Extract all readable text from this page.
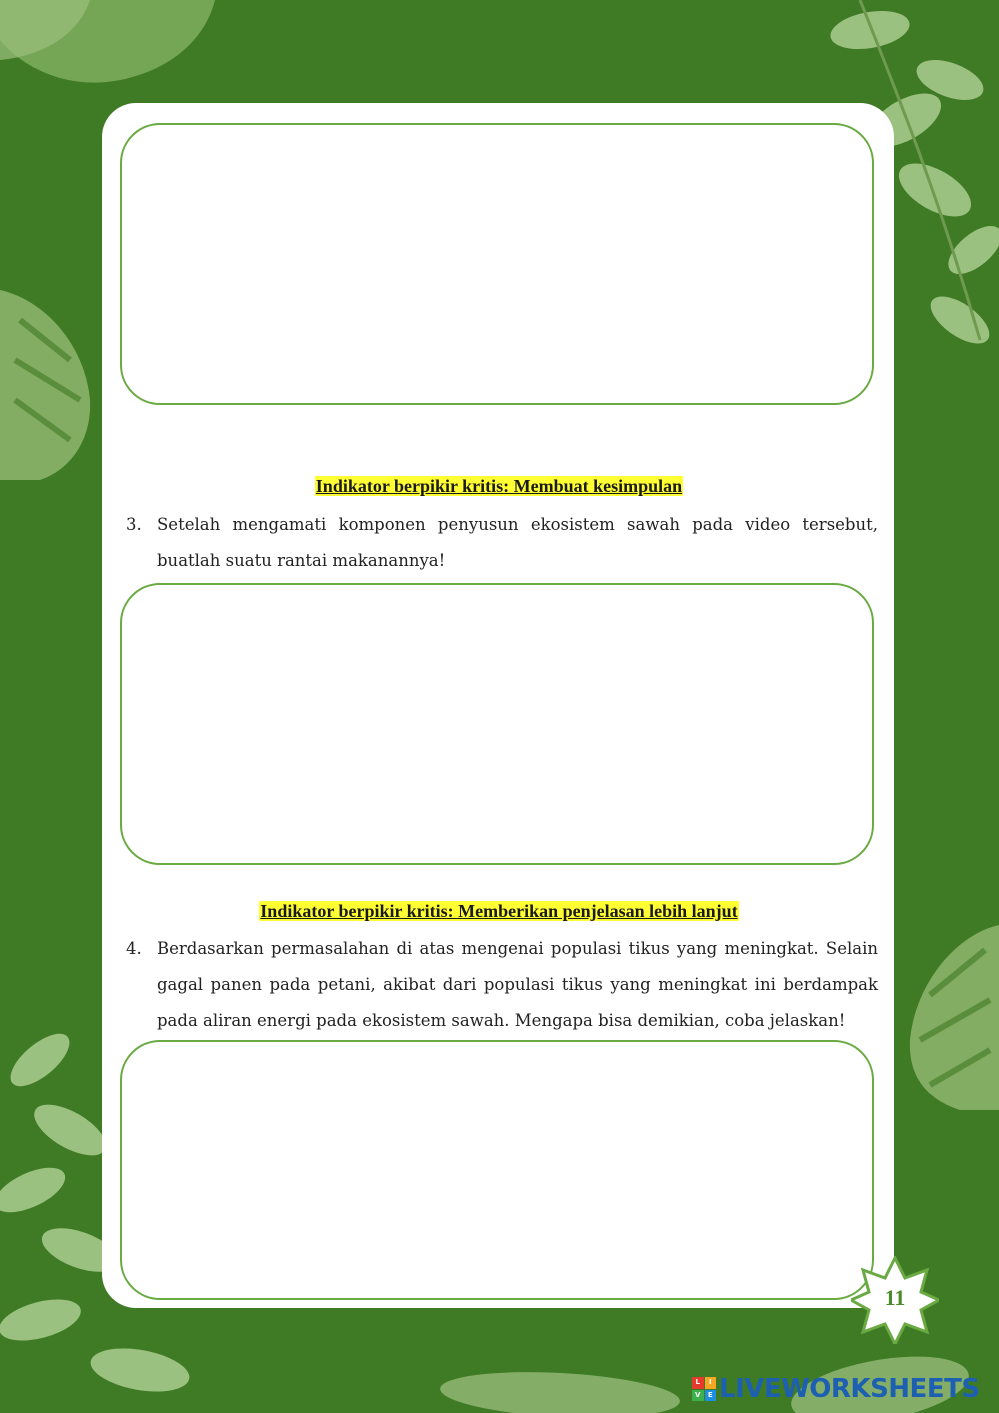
Indikator berpikir kritis: Membuat kesimpulan
3. Setelah mengamati komponen penyusun ekosistem sawah pada video tersebut, buatlah suatu rantai makanannya!
Indikator berpikir kritis: Memberikan penjelasan lebih lanjut
4. Berdasarkan permasalahan di atas mengenai populasi tikus yang meningkat. Selain gagal panen pada petani, akibat dari populasi tikus yang meningkat ini berdampak pada aliran energi pada ekosistem sawah. Mengapa bisa demikian, coba jelaskan!
11
L	I
V	E LIVEWORKSHEETS
